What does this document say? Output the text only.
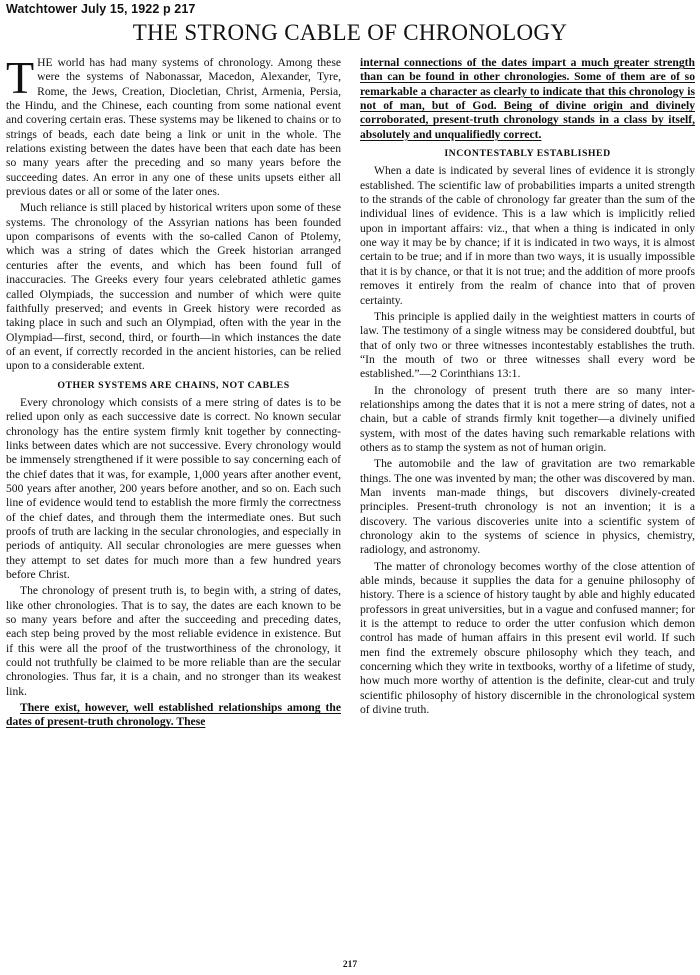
Watchtower July 15, 1922 p 217
THE STRONG CABLE OF CHRONOLOGY

THE world has had many systems of chronology. Among these were the systems of Nabonassar, Macedon, Alexander, Tyre, Rome, the Jews, Creation, Diocletian, Christ, Armenia, Persia, the Hindu, and the Chinese, each counting from some national event and covering certain eras. These systems may be likened to chains or to strings of beads, each date being a link or unit in the whole. The relations existing between the dates have been that each date has been so many years after the preceding and so many years before the succeeding dates. An error in any one of these units upsets either all previous dates or all or some of the later ones.

Much reliance is still placed by historical writers upon some of these systems. The chronology of the Assyrian nations has been founded upon comparisons of events with the so-called Canon of Ptolemy, which was a string of dates which the Greek historian arranged centuries after the events, and which has been found full of inaccuracies. The Greeks every four years celebrated athletic games called Olympiads, the succession and number of which were quite faithfully preserved; and events in Greek history were recorded as taking place in such and such an Olympiad, often with the year in the Olympiad—first, second, third, or fourth—in which instances the date of an event, if correctly recorded in the ancient histories, can be relied upon to a considerable extent.

OTHER SYSTEMS ARE CHAINS, NOT CABLES

Every chronology which consists of a mere string of dates is to be relied upon only as each successive date is correct. No known secular chronology has the entire system firmly knit together by connecting-links between dates which are not successive. Every chronology would be immensely strengthened if it were possible to say concerning each of the chief dates that it was, for example, 1,000 years after another event, 500 years after another, 200 years before another, and so on. Each such line of evidence would tend to establish the more firmly the correctness of the chief dates, and through them the intermediate ones. But such proofs of truth are lacking in the secular chronologies, and especially in periods of antiquity. All secular chronologies are mere guesses when they attempt to set dates for much more than a few hundred years before Christ.

The chronology of present truth is, to begin with, a string of dates, like other chronologies. That is to say, the dates are each known to be so many years before and after the succeeding and preceding dates, each step being proved by the most reliable evidence in existence. But if this were all the proof of the trustworthiness of the chronology, it could not truthfully be claimed to be more reliable than are the secular chronologies. Thus far, it is a chain, and no stronger than its weakest link.

There exist, however, well established relationships among the dates of present-truth chronology. These

internal connections of the dates impart a much greater strength than can be found in other chronologies. Some of them are of so remarkable a character as clearly to indicate that this chronology is not of man, but of God. Being of divine origin and divinely corroborated, present-truth chronology stands in a class by itself, absolutely and unqualifiedly correct.

INCONTESTABLY ESTABLISHED

When a date is indicated by several lines of evidence it is strongly established. The scientific law of probabilities imparts a united strength to the strands of the cable of chronology far greater than the sum of the individual lines of evidence. This is a law which is implicitly relied upon in important affairs: viz., that when a thing is indicated in only one way it may be by chance; if it is indicated in two ways, it is almost certain to be true; and if in more than two ways, it is usually impossible that it is by chance, or that it is not true; and the addition of more proofs removes it entirely from the realm of chance into that of proven certainty.

This principle is applied daily in the weightiest matters in courts of law. The testimony of a single witness may be considered doubtful, but that of only two or three witnesses incontestably establishes the truth. “In the mouth of two or three witnesses shall every word be established.”—2 Corinthians 13:1.

In the chronology of present truth there are so many inter-relationships among the dates that it is not a mere string of dates, not a chain, but a cable of strands firmly knit together—a divinely unified system, with most of the dates having such remarkable relations with others as to stamp the system as not of human origin.

The automobile and the law of gravitation are two remarkable things. The one was invented by man; the other was discovered by man. Man invents man-made things, but discovers divinely-created principles. Present-truth chronology is not an invention; it is a discovery. The various discoveries unite into a scientific system of chronology akin to the systems of science in physics, chemistry, radiology, and astronomy.

The matter of chronology becomes worthy of the close attention of able minds, because it supplies the data for a genuine philosophy of history. There is a science of history taught by able and highly educated professors in great universities, but in a vague and confused manner; for it is the attempt to reduce to order the utter confusion which demon control has made of human affairs in this present evil world. If such men find the extremely obscure philosophy which they teach, and concerning which they write in textbooks, worthy of a lifetime of study, how much more worthy of attention is the definite, clear-cut and truly scientific philosophy of history discernible in the chronological system of divine truth.

217
